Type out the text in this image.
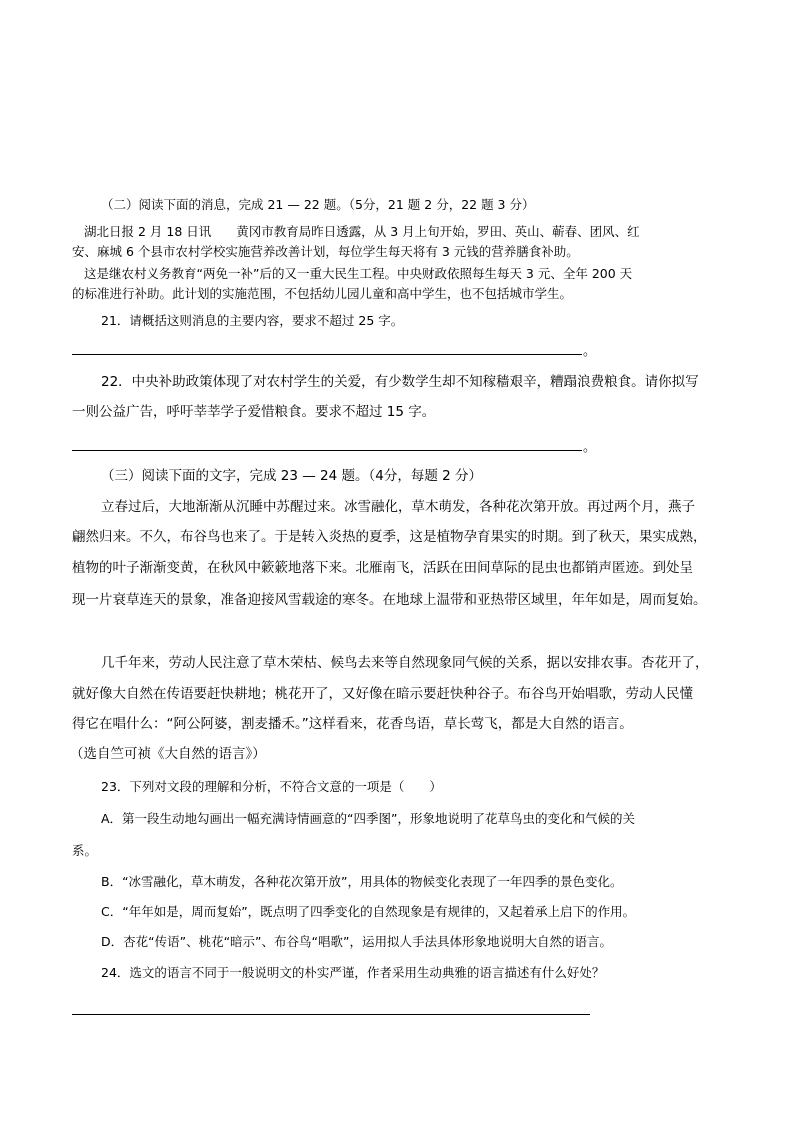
（二）阅读下面的消息，完成 21 — 22 题。（5分，21 题 2 分，22 题 3 分）
湖北日报 2 月 18 日讯　　黄冈市教育局昨日透露，从 3 月上旬开始，罗田、英山、蕲春、团风、红
安、麻城 6 个县市农村学校实施营养改善计划，每位学生每天将有 3 元钱的营养膳食补助。
这是继农村义务教育“两免一补”后的又一重大民生工程。中央财政依照每生每天 3 元、全年 200 天
的标准进行补助。此计划的实施范围，不包括幼儿园儿童和高中学生，也不包括城市学生。
21．请概括这则消息的主要内容，要求不超过 25 字。
。
22．中央补助政策体现了对农村学生的关爱，有少数学生却不知稼穑艰辛，糟蹋浪费粮食。请你拟写
一则公益广告，呼吁莘莘学子爱惜粮食。要求不超过 15 字。
。
（三）阅读下面的文字，完成 23 — 24 题。（4分，每题 2 分）
立春过后，大地渐渐从沉睡中苏醒过来。冰雪融化，草木萌发，各种花次第开放。再过两个月，燕子
翩然归来。不久，布谷鸟也来了。于是转入炎热的夏季，这是植物孕育果实的时期。到了秋天，果实成熟，
植物的叶子渐渐变黄，在秋风中簌簌地落下来。北雁南飞，活跃在田间草际的昆虫也都销声匿迹。到处呈
现一片衰草连天的景象，准备迎接风雪载途的寒冬。在地球上温带和亚热带区域里，年年如是，周而复始。
几千年来，劳动人民注意了草木荣枯、候鸟去来等自然现象同气候的关系，据以安排农事。杏花开了，
就好像大自然在传语要赶快耕地；桃花开了，又好像在暗示要赶快种谷子。布谷鸟开始唱歌，劳动人民懂
得它在唱什么：“阿公阿婆，割麦播禾。”这样看来，花香鸟语，草长莺飞，都是大自然的语言。
（选自竺可祯《大自然的语言》）
23．下列对文段的理解和分析，不符合文意的一项是（　　）
A．第一段生动地勾画出一幅充满诗情画意的“四季图”，形象地说明了花草鸟虫的变化和气候的关
系。
B．“冰雪融化，草木萌发，各种花次第开放”，用具体的物候变化表现了一年四季的景色变化。
C．“年年如是，周而复始”，既点明了四季变化的自然现象是有规律的，又起着承上启下的作用。
D．杏花“传语”、桃花“暗示”、布谷鸟“唱歌”，运用拟人手法具体形象地说明大自然的语言。
24．选文的语言不同于一般说明文的朴实严谨，作者采用生动典雅的语言描述有什么好处？
